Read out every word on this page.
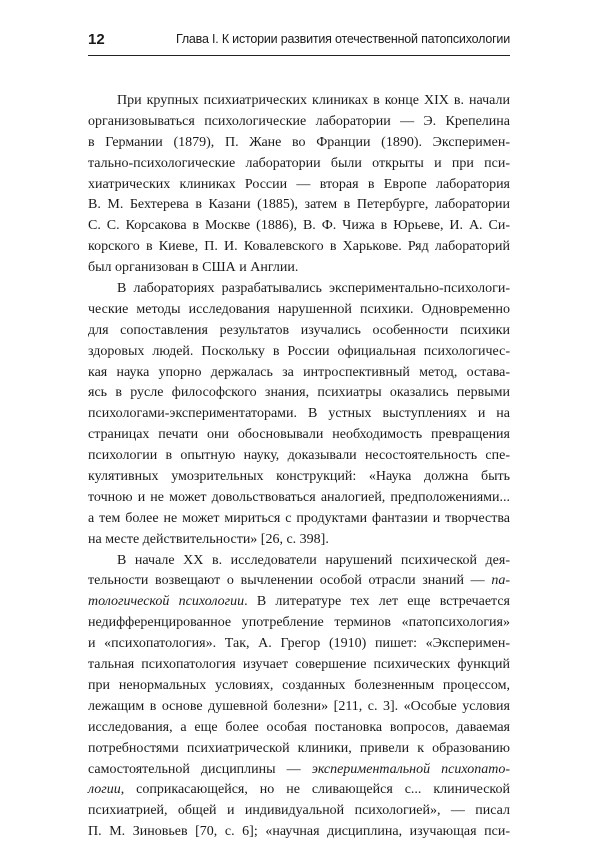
12	Глава I. К истории развития отечественной патопсихологии
При крупных психиатрических клиниках в конце XIX в. начали
организовываться психологические лаборатории — Э. Крепелина
в Германии (1879), П. Жане во Франции (1890). Эксперимен-
тально-психологические лаборатории были открыты и при пси-
хиатрических клиниках России — вторая в Европе лаборатория
В. М. Бехтерева в Казани (1885), затем в Петербурге, лаборатории
С. С. Корсакова в Москве (1886), В. Ф. Чижа в Юрьеве, И. А. Си-
корского в Киеве, П. И. Ковалевского в Харькове. Ряд лабораторий
был организован в США и Англии.
В лабораториях разрабатывались экспериментально-психологи-
ческие методы исследования нарушенной психики. Одновременно
для сопоставления результатов изучались особенности психики
здоровых людей. Поскольку в России официальная психологичес-
кая наука упорно держалась за интроспективный метод, остава-
ясь в русле философского знания, психиатры оказались первыми
психологами-экспериментаторами. В устных выступлениях и на
страницах печати они обосновывали необходимость превращения
психологии в опытную науку, доказывали несостоятельность спе-
кулятивных умозрительных конструкций: «Наука должна быть
точною и не может довольствоваться аналогией, предположениями...
а тем более не может мириться с продуктами фантазии и творчества
на месте действительности» [26, с. 398].
В начале XX в. исследователи нарушений психической дея-
тельности возвещают о вычленении особой отрасли знаний — па-
тологической психологии. В литературе тех лет еще встречается
недифференцированное употребление терминов «патопсихология»
и «психопатология». Так, А. Грегор (1910) пишет: «Эксперимен-
тальная психопатология изучает совершение психических функций
при ненормальных условиях, созданных болезненным процессом,
лежащим в основе душевной болезни» [211, с. 3]. «Особые условия
исследования, а еще более особая постановка вопросов, даваемая
потребностями психиатрической клиники, привели к образованию
самостоятельной дисциплины — экспериментальной психопато-
логии, соприкасающейся, но не сливающейся с... клинической
психиатрией, общей и индивидуальной психологией», — писал
П. М. Зиновьев [70, с. 6]; «научная дисциплина, изучающая пси-
